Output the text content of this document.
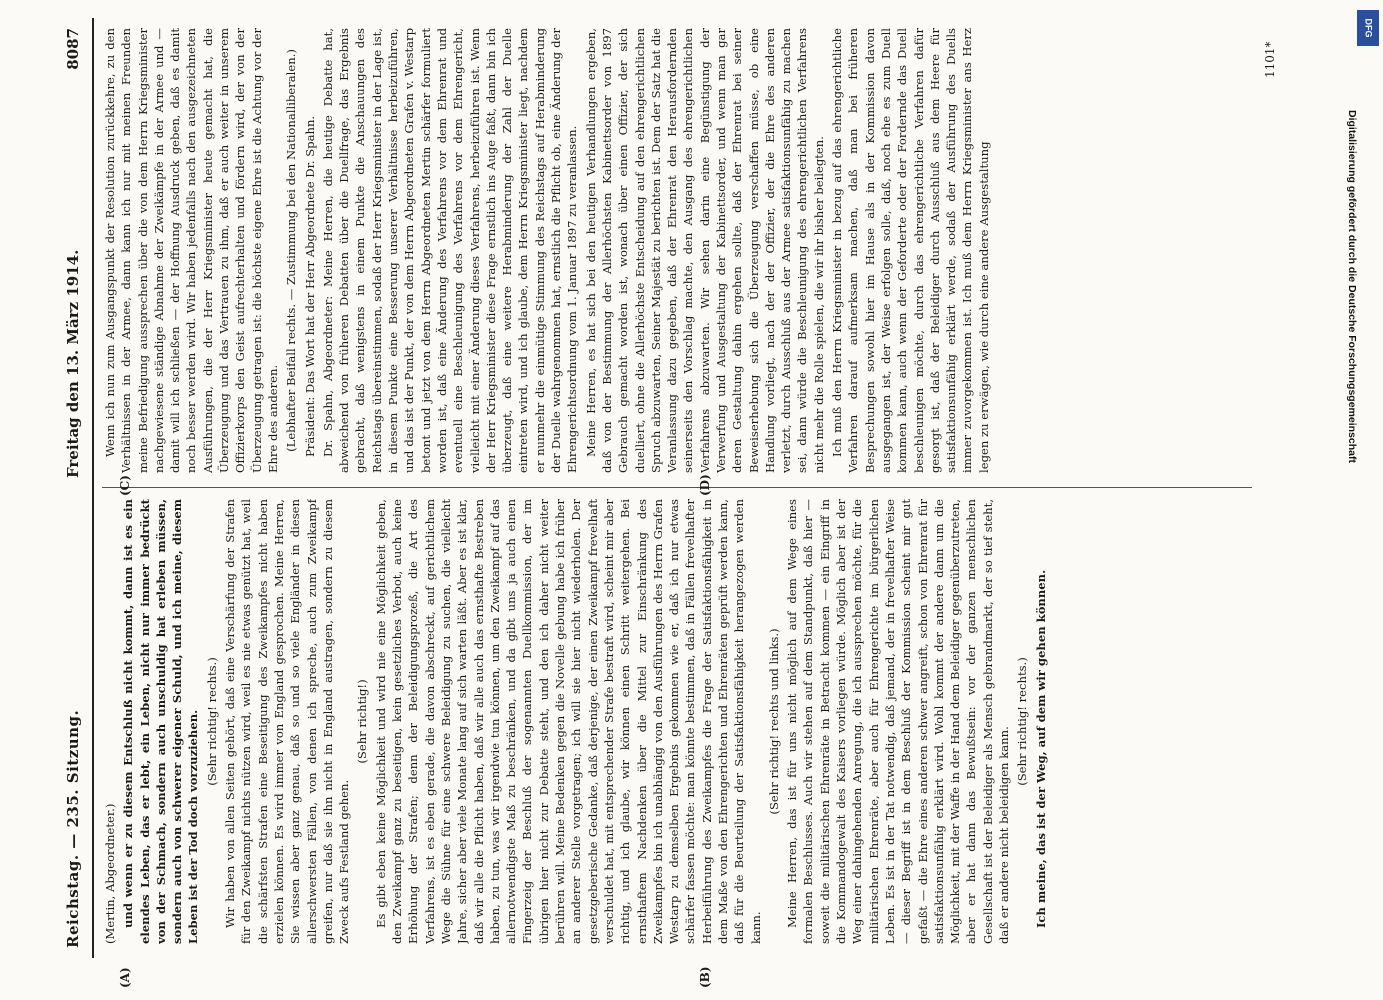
Reichstag. — 235. Sitzung.
Freitag den 13. März 1914.
8087

(Mertin, Abgeordneter.) und wenn er zu diesem Entschluß nicht kommt, dann ist es ein elendes Leben, das er lebt, ein Leben, nicht nur immer bedrückt von der Schmach, sondern auch unschuldig hat erleben müssen, sondern auch von schwerer eigener Schuld, und ich meine, diesem Leben ist der Tod doch vorzuziehen. (Sehr richtig! rechts.) Wir haben von allen Seiten gehört, daß eine Verschärfung der Strafen für den Zweikampf nichts nützen wird, weil es nie etwas genützt hat, weil die schärfsten Strafen eine Beseitigung des Zweikampfes nicht haben erzielen können. Es wird immer von England gesprochen. Meine Herren, Sie wissen aber ganz genau, daß so und so viele Engländer in diesen allerschwersten Fällen, von denen ich spreche, auch zum Zweikampf greifen, nur daß sie ihn nicht in England austragen, sondern zu diesem Zweck aufs Festland gehen.

(Sehr richtig!) Es gibt eben keine Möglichkeit und wird nie eine Möglichkeit geben, den Zweikampf ganz zu beseitigen, kein gesetzliches Verbot, auch keine Erhöhung der Strafen; denn der Beleidigungsprozeß, die Art des Verfahrens, ist es eben gerade, die davon abschreckt, auf gerichtlichem Wege die Sühne für eine schwere Beleidigung zu suchen, die vielleicht Jahre, sicher aber viele Monate lang auf sich warten läßt. Aber es ist klar, daß wir alle die Pflicht haben, daß wir alle auch das ernsthafte Bestreben haben, zu tun, was wir irgendwie tun können, um den Zweikampf auf das allernotwendigste Maß zu beschränken, und da gibt uns ja auch einen Fingerzeig der Beschluß der sogenannten Duellkommission, der im übrigen hier nicht zur Debatte steht, und den ich daher nicht weiter berühren will. Meine Bedenken gegen die Novelle gebung habe ich früher an anderer Stelle vorgetragen; ich will sie hier nicht wiederholen. Der gesetzgeberische Gedanke, daß derjenige, der einen Zweikampf frevelhaft verschuldet hat, mit entsprechender Strafe bestraft wird, scheint mir aber richtig, und ich glaube, wir können einen Schritt weitergehen. Bei ernsthaftem Nachdenken über die Mittel zur Einschränkung des Zweikampfes bin ich unabhängig von den Ausführungen des Herrn Grafen Westarp zu demselben Ergebnis gekommen wie er, daß ich nur etwas schärfer fassen möchte: man könnte bestimmen, daß in Fällen frevelhafter Herbeiführung des Zweikampfes die Frage der Satisfaktionsfähigkeit in dem Maße von den Ehrengerichten und Ehrenräten geprüft werden kann, daß für die Beurteilung der Satisfaktionsfähigkeit herangezogen werden kann.

(Sehr richtig! rechts und links.) Meine Herren, das ist für uns nicht möglich auf dem Wege eines formalen Beschlusses. Auch wir stehen auf dem Standpunkt, daß hier — soweit die militärischen Ehrenräte in Betracht kommen — ein Eingriff in die Kommandogewalt des Kaisers vorliegen würde. Möglich aber ist der Weg einer dahingehenden Anregung, die ich aussprechen möchte, für die militärischen Ehrenräte, aber auch für Ehrengerichte im bürgerlichen Leben. Es ist in der Tat notwendig, daß jemand, der in frevelhafter Weise — dieser Begriff ist in dem Beschluß der Kommission scheint mir gut gefaßt — die Ehre eines anderen schwer angreift, schon von Ehrenrat für satisfaktionsunfähig erklärt wird. Wohl kommt der andere dann um die Möglichkeit, mit der Waffe in der Hand dem Beleidiger gegenüberzutreten, aber er hat dann das Bewußtsein: vor der ganzen menschlichen Gesellschaft ist der Beleidiger als Mensch gebrandmarkt, der so tief steht, daß er andere nicht beleidigen kann.

(Sehr richtig! rechts.) Ich meine, das ist der Weg, auf dem wir gehen können.

Wenn ich nun zum Ausgangspunkt der Resolution zurückkehre, zu den Verhältnissen in der Armee, dann kann ich nur mit meinen Freunden meine Befriedigung aussprechen über die von dem Herrn Kriegsminister nachgewiesene ständige Abnahme der Zweikämpfe in der Armee und — damit will ich schließen — der Hoffnung Ausdruck geben, daß es damit noch besser werden wird. Wir haben jedenfalls nach den ausgezeichneten Ausführungen, die der Herr Kriegsminister heute gemacht hat, die Überzeugung und das Vertrauen zu ihm, daß er auch weiter in unserem Offizierkorps den Geist aufrechterhalten und fördern wird, der von der Überzeugung getragen ist: die höchste eigene Ehre ist die Achtung vor der Ehre des anderen. (Lebhafter Beifall rechts. — Zustimmung bei den Nationalliberalen.) Präsident: Das Wort hat der Herr Abgeordnete Dr. Spahn. Dr. Spahn, Abgeordneter: Meine Herren, die heutige Debatte hat, abweichend von früheren Debatten über die Duellfrage, das Ergebnis gebracht, daß wenigstens in einem Punkte die Anschauungen des Reichstags übereinstimmen, sodaß der Herr Kriegsminister in der Lage ist, in diesem Punkte eine Besserung unserer Verhältnisse herbeizuführen, und das ist der Punkt, der von dem Herrn Abgeordneten Grafen v. Westarp betont und jetzt von dem Herrn Abgeordneten Mertin schärfer formuliert worden ist, daß eine Änderung des Verfahrens vor dem Ehrenrat und eventuell eine Beschleunigung des Verfahrens vor dem Ehrengericht, vielleicht mit einer Änderung dieses Verfahrens, herbeizuführen ist. Wenn der Herr Kriegsminister diese Frage ernstlich ins Auge faßt, dann bin ich überzeugt, daß eine weitere Herabminderung der Zahl der Duelle eintreten wird, und ich glaube, dem Herrn Kriegsminister liegt, nachdem er nunmehr die einmütige Stimmung des Reichstags auf Herabminderung der Duelle wahrgenommen hat, ernstlich die Pflicht ob, eine Änderung der Ehrengerichtsordnung vom 1. Januar 1897 zu veranlassen. Meine Herren, es hat sich bei den heutigen Verhandlungen ergeben, daß von der Bestimmung der Allerhöchsten Kabinettsorder von 1897 Gebrauch gemacht worden ist, wonach über einen Offizier, der sich duelliert, ohne die Allerhöchste Entscheidung auf den ehrengerichtlichen Spruch abzuwarten, Seiner Majestät zu berichten ist. Dem der Satz hat die Veranlassung dazu gegeben, daß der Ehrenrat den Herausfordernden seinerseits den Vorschlag machte, den Ausgang des ehrengerichtlichen Verfahrens abzuwarten. Wir sehen darin eine Begünstigung der Verwerfung und Ausgestaltung der Kabinettsorder, und wenn man gar deren Gestaltung dahin ergehen sollte, daß der Ehrenrat bei seiner Beweiserhebung sich die Überzeugung verschaffen müsse, ob eine Handlung vorliegt, nach der der Offizier, der die Ehre des anderen verletzt, durch Ausschluß aus der Armee satisfaktionsunfähig zu machen sei, dann würde die Beschleunigung des ehrengerichtlichen Verfahrens nicht mehr die Rolle spielen, die wir ihr bisher beilegten. Ich muß den Herrn Kriegsminister in bezug auf das ehrengerichtliche Verfahren darauf aufmerksam machen, daß man bei früheren Besprechungen sowohl hier im Hause als in der Kommission davon ausgegangen ist, der Weise erfolgen solle, daß, noch ehe es zum Duell kommen kann, auch wenn der Geforderte oder der Fordernde das Duell beschleunigen möchte, durch das ehrengerichtliche Verfahren dafür gesorgt ist, daß der Beleidiger durch Ausschluß aus dem Heere für satisfaktionsunfähig erklärt werde, sodaß der Ausführung des Duells immer zuvorgekommen ist. Ich muß dem Herrn Kriegsminister ans Herz legen zu erwägen, wie durch eine andere Ausgestaltung

(A)	(B)
(C)	(D)
1101*
DFG
Digitalisierung gefördert durch die Deutsche Forschungsgemeinschaft
